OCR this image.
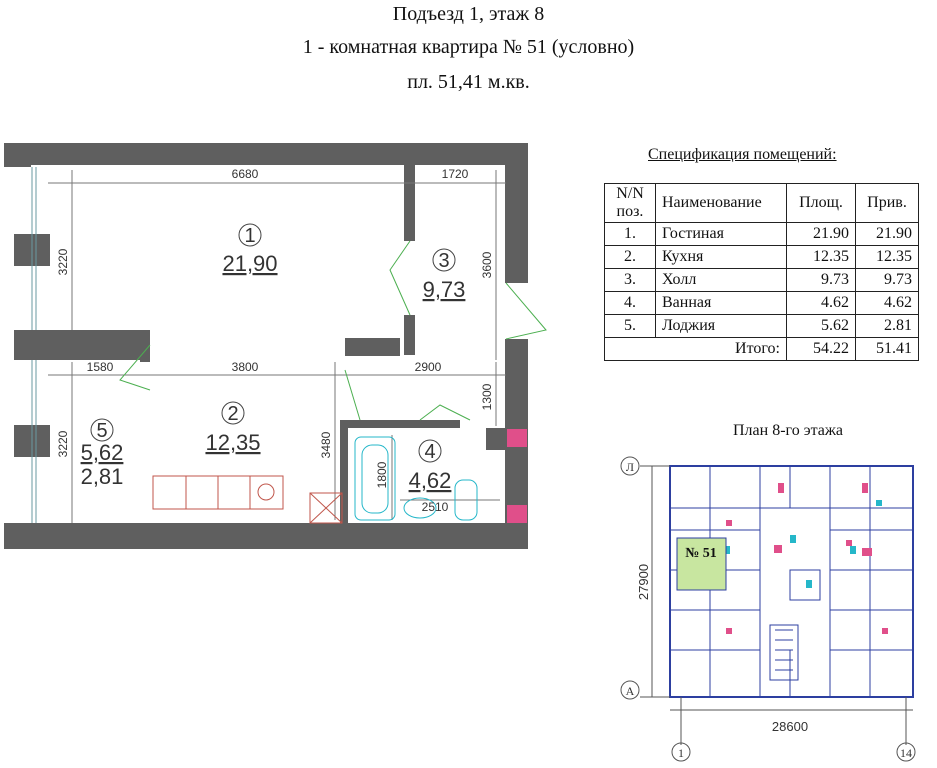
Подъезд 1, этаж 8
1 - комнатная квартира № 51 (условно)
пл. 51,41 м.кв.
1
21,90	3
9,73
2
12,35	4
4,62
5
5,62
2,81
6680	1720
1580	3800	2900
2510
3220	3600
1300
3220	3480
1800
Спецификация помещений:
N/N поз.	Наименование	Площ.	Прив.
1.	Гостиная	21.90	21.90
2.	Кухня	12.35	12.35
3.	Холл	9.73	9.73
4.	Ванная	4.62	4.62
5.	Лоджия	5.62	2.81
Итого:		54.22	51.41
План 8-го этажа
№ 51
Л
А
1	14
28600
27900
